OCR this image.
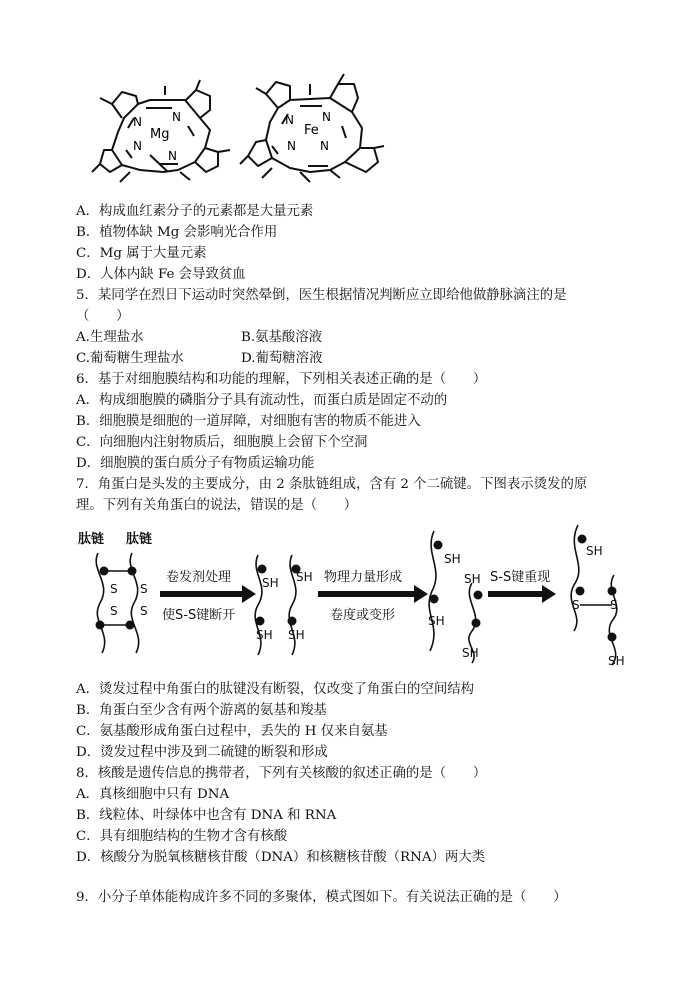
N	N
N
N
Mg
N N
N N
Fe
A．构成血红素分子的元素都是大量元素
B．植物体缺 Mg 会影响光合作用
C．Mg 属于大量元素
D．人体内缺 Fe 会导致贫血
5．某同学在烈日下运动时突然晕倒，医生根据情况判断应立即给他做静脉滴注的是
（　　）
A.生理盐水	B.氨基酸溶液
C.葡萄糖生理盐水	D.葡萄糖溶液
6．基于对细胞膜结构和功能的理解，下列相关表述正确的是（　　）
A．构成细胞膜的磷脂分子具有流动性，而蛋白质是固定不动的
B．细胞膜是细胞的一道屏障，对细胞有害的物质不能进入
C．向细胞内注射物质后，细胞膜上会留下个空洞
D．细胞膜的蛋白质分子有物质运输功能
7．角蛋白是头发的主要成分，由 2 条肽链组成，含有 2 个二硫键。下图表示烫发的原
理。下列有关角蛋白的说法，错误的是（　　）
肽链 肽链
S S
S S
SH SH
SH SH
SH
SH
SH
SH
SH
S	S
SH
卷发剂处理
使S-S键断开
物理力量形成
卷度或变形
S-S键重现
A．烫发过程中角蛋白的肽键没有断裂，仅改变了角蛋白的空间结构
B．角蛋白至少含有两个游离的氨基和羧基
C．氨基酸形成角蛋白过程中，丢失的 H 仅来自氨基
D．烫发过程中涉及到二硫键的断裂和形成
8．核酸是遗传信息的携带者，下列有关核酸的叙述正确的是（　　）
A．真核细胞中只有 DNA
B．线粒体、叶绿体中也含有 DNA 和 RNA
C．具有细胞结构的生物才含有核酸
D．核酸分为脱氧核糖核苷酸（DNA）和核糖核苷酸（RNA）两大类
9．小分子单体能构成许多不同的多聚体，模式图如下。有关说法正确的是（　　）
